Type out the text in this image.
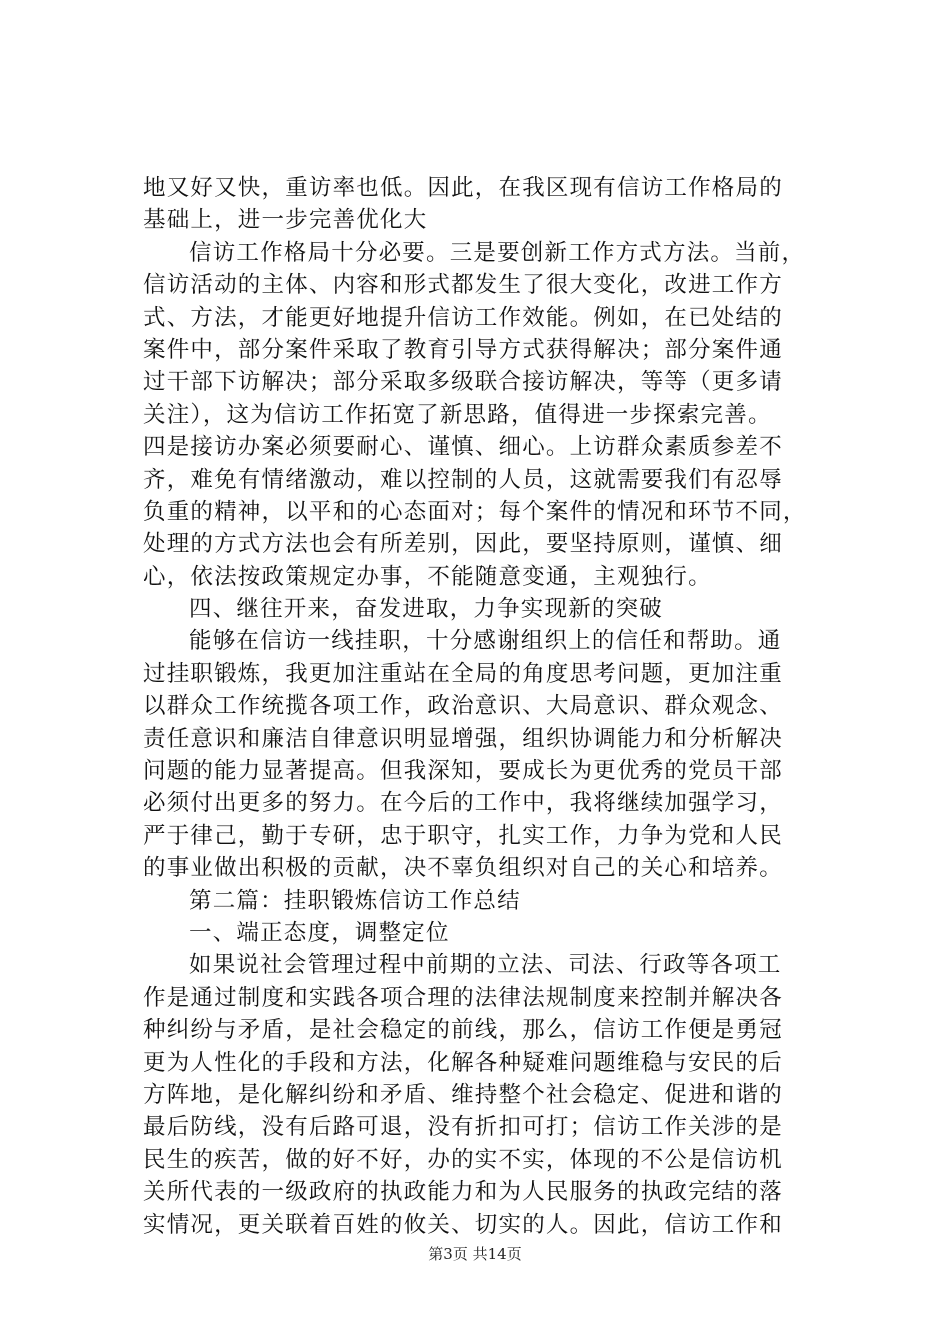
地又好又快，重访率也低。因此，在我区现有信访工作格局的
基础上，进一步完善优化大
信访工作格局十分必要。三是要创新工作方式方法。当前，
信访活动的主体、内容和形式都发生了很大变化，改进工作方
式、方法，才能更好地提升信访工作效能。例如，在已处结的
案件中，部分案件采取了教育引导方式获得解决；部分案件通
过干部下访解决；部分采取多级联合接访解决，等等（更多请
关注），这为信访工作拓宽了新思路，值得进一步探索完善。
四是接访办案必须要耐心、谨慎、细心。上访群众素质参差不
齐，难免有情绪激动，难以控制的人员，这就需要我们有忍辱
负重的精神，以平和的心态面对；每个案件的情况和环节不同，
处理的方式方法也会有所差别，因此，要坚持原则，谨慎、细
心，依法按政策规定办事，不能随意变通，主观独行。
四、继往开来，奋发进取，力争实现新的突破
能够在信访一线挂职，十分感谢组织上的信任和帮助。通
过挂职锻炼，我更加注重站在全局的角度思考问题，更加注重
以群众工作统揽各项工作，政治意识、大局意识、群众观念、
责任意识和廉洁自律意识明显增强，组织协调能力和分析解决
问题的能力显著提高。但我深知，要成长为更优秀的党员干部
必须付出更多的努力。在今后的工作中，我将继续加强学习，
严于律己，勤于专研，忠于职守，扎实工作，力争为党和人民
的事业做出积极的贡献，决不辜负组织对自己的关心和培养。
第二篇：挂职锻炼信访工作总结
一、端正态度，调整定位
如果说社会管理过程中前期的立法、司法、行政等各项工
作是通过制度和实践各项合理的法律法规制度来控制并解决各
种纠纷与矛盾，是社会稳定的前线，那么，信访工作便是勇冠
更为人性化的手段和方法，化解各种疑难问题维稳与安民的后
方阵地，是化解纠纷和矛盾、维持整个社会稳定、促进和谐的
最后防线，没有后路可退，没有折扣可打；信访工作关涉的是
民生的疾苦，做的好不好，办的实不实，体现的不公是信访机
关所代表的一级政府的执政能力和为人民服务的执政完结的落
实情况，更关联着百姓的攸关、切实的人。因此，信访工作和
第3页 共14页
